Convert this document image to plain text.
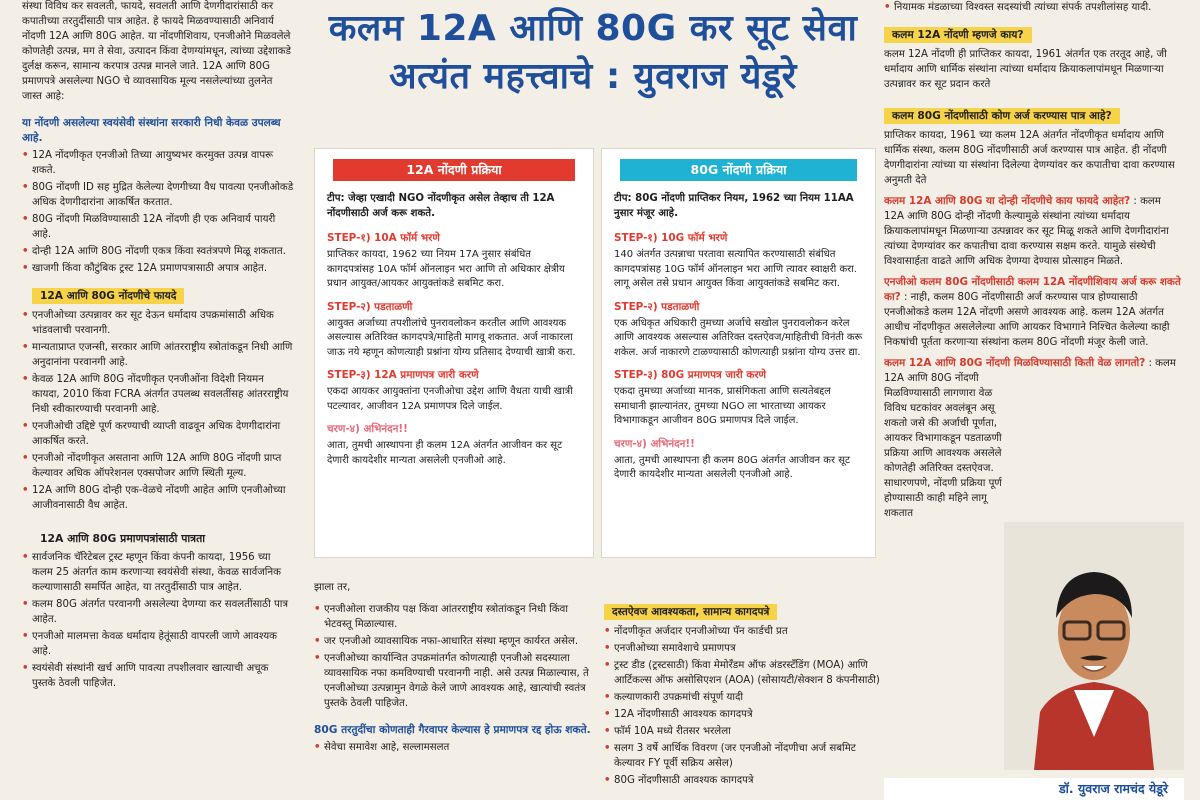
संस्था विविध कर सवलती, फायदे, सवलती आणि देणगीदारांसाठी कर कपातीच्या तरतुदींसाठी पात्र आहेत. हे फायदे मिळवण्यासाठी अनिवार्य नोंदणी 12A आणि 80G आहेत. या नोंदणीशिवाय, एनजीओने मिळवलेले कोणतेही उत्पन्न, मग ते सेवा, उत्पादन किंवा देणग्यांमधून, त्यांच्या उद्देशाकडे दुर्लक्ष करून, सामान्य करपात्र उत्पन्न मानले जाते. 12A आणि 80G प्रमाणपत्रे असलेल्या NGO चे व्यावसायिक मूल्य नसलेल्यांच्या तुलनेत जास्त आहे:

या नोंदणी असलेल्या स्वयंसेवी संस्थांना सरकारी निधी केवळ उपलब्ध आहे.

• 12A नोंदणीकृत एनजीओ तिच्या आयुष्यभर करमुक्त उत्पन्न वापरू शकते.
• 80G नोंदणी ID सह मुद्रित केलेल्या देणगीच्या वैध पावत्या एनजीओकडे अधिक देणगीदारांना आकर्षित करतात.
• 80G नोंदणी मिळविण्यासाठी 12A नोंदणी ही एक अनिवार्य पायरी आहे.
• दोन्ही 12A आणि 80G नोंदणी एकत्र किंवा स्वतंत्रपणे मिळू शकतात.
• खाजगी किंवा कौटुंबिक ट्रस्ट 12A प्रमाणपत्रासाठी अपात्र आहेत.
12A आणि 80G नोंदणीचे फायदे
• एनजीओच्या उत्पन्नावर कर सूट देऊन धर्मादाय उपक्रमांसाठी अधिक भांडवलाची परवानगी.
• मान्यताप्राप्त एजन्सी, सरकार आणि आंतरराष्ट्रीय स्त्रोतांकडून निधी आणि अनुदानांना परवानगी आहे.
• केवळ 12A आणि 80G नोंदणीकृत एनजीओंना विदेशी नियमन कायदा, 2010 किंवा FCRA अंतर्गत उपलब्ध सवलतींसह आंतरराष्ट्रीय निधी स्वीकारण्याची परवानगी आहे.
• एनजीओची उद्दिष्टे पूर्ण करण्याची व्याप्ती वाढवून अधिक देणगीदारांना आकर्षित करते.
• एनजीओ नोंदणीकृत असताना आणि 12A आणि 80G नोंदणी प्राप्त केल्यावर अधिक ऑपरेशनल एक्सपोजर आणि स्थिती मूल्य.
• 12A आणि 80G दोन्ही एक-वेळचे नोंदणी आहेत आणि एनजीओच्या आजीवनासाठी वैध आहेत.
12A आणि 80G प्रमाणपत्रांसाठी पात्रता
• सार्वजनिक चॅरिटेबल ट्रस्ट म्हणून किंवा कंपनी कायदा, 1956 च्या कलम 25 अंतर्गत काम करणाऱ्या स्वयंसेवी संस्था, केवळ सार्वजनिक कल्याणासाठी समर्पित आहेत, या तरतुदींसाठी पात्र आहेत.
• कलम 80G अंतर्गत परवानगी असलेल्या देणग्या कर सवलतींसाठी पात्र आहेत.
• एनजीओ मालमत्ता केवळ धर्मादाय हेतूंसाठी वापरली जाणे आवश्यक आहे.
• स्वयंसेवी संस्थांनी खर्च आणि पावत्या तपशीलवार खात्याची अचूक पुस्तके ठेवली पाहिजेत.
कलम 12A आणि 80G कर सूट सेवा
अत्यंत महत्त्वाचे : युवराज येडूरे
12A नोंदणी प्रक्रिया

टीप: जेव्हा एखादी NGO नोंदणीकृत असेल तेव्हाच ती 12A नोंदणीसाठी अर्ज करू शकते.

STEP-१) 10A फॉर्म भरणे

प्राप्तिकर कायदा, 1962 च्या नियम 17A नुसार संबंधित कागदपत्रांसह 10A फॉर्म ऑनलाइन भरा आणि तो अधिकार क्षेत्रीय प्रधान आयुक्त/आयकर आयुक्तांकडे सबमिट करा.

STEP-२) पडताळणी

आयुक्त अर्जाच्या तपशीलांचे पुनरावलोकन करतील आणि आवश्यक असल्यास अतिरिक्त कागदपत्रे/माहिती मागवू शकतात. अर्ज नाकारला जाऊ नये म्हणून कोणत्याही प्रश्नांना योग्य प्रतिसाद देण्याची खात्री करा.

STEP-३) 12A प्रमाणपत्र जारी करणे

एकदा आयकर आयुक्तांना एनजीओचा उद्देश आणि वैधता याची खात्री पटल्यावर, आजीवन 12A प्रमाणपत्र दिले जाईल.

चरण-४) अभिनंदन!!

आता, तुमची आस्थापना ही कलम 12A अंतर्गत आजीवन कर सूट देणारी कायदेशीर मान्यता असलेली एनजीओ आहे.

80G नोंदणी प्रक्रिया

टीप: 80G नोंदणी प्राप्तिकर नियम, 1962 च्या नियम 11AA नुसार मंजूर आहे.

STEP-१) 10G फॉर्म भरणे

140 अंतर्गत उत्पन्नाचा परतावा सत्यापित करण्यासाठी संबंधित कागदपत्रांसह 10G फॉर्म ऑनलाइन भरा आणि त्यावर स्वाक्षरी करा. लागू असेल तसे प्रधान आयुक्त किंवा आयुक्तांकडे सबमिट करा.

STEP-२) पडताळणी

एक अधिकृत अधिकारी तुमच्या अर्जाचे सखोल पुनरावलोकन करेल आणि आवश्यक असल्यास अतिरिक्त दस्तऐवज/माहितीची विनंती करू शकेल. अर्ज नाकारणे टाळण्यासाठी कोणत्याही प्रश्नांना योग्य उत्तर द्या.

STEP-३) 80G प्रमाणपत्र जारी करणे

एकदा तुमच्या अर्जाच्या मानक, प्रासंगिकता आणि सत्यतेबद्दल समाधानी झाल्यानंतर, तुमच्या NGO ला भारताच्या आयकर विभागाकडून आजीवन 80G प्रमाणपत्र दिले जाईल.

चरण-४) अभिनंदन!!

आता, तुमची आस्थापना ही कलम 80G अंतर्गत आजीवन कर सूट देणारी कायदेशीर मान्यता असलेली एनजीओ आहे.

झाला तर,

• एनजीओला राजकीय पक्ष किंवा आंतरराष्ट्रीय स्त्रोतांकडून निधी किंवा भेटवस्तू मिळाल्यास.
• जर एनजीओ व्यावसायिक नफा-आधारित संस्था म्हणून कार्यरत असेल.
• एनजीओच्या कार्यान्वित उपक्रमांतर्गत कोणत्याही एनजीओ सदस्याला व्यावसायिक नफा कमविण्याची परवानगी नाही. असे उत्पन्न मिळाल्यास, ते एनजीओच्या उत्पन्नामुन वेगळे केले जाणे आवश्यक आहे, खात्यांची स्वतंत्र पुस्तके ठेवली पाहिजेत.

80G तरतुदींचा कोणताही गैरवापर केल्यास हे प्रमाणपत्र रद्द होऊ शकते.

• सेवेचा समावेश आहे, सल्लामसलत
दस्तऐवज आवश्यकता, सामान्य कागदपत्रे
• नोंदणीकृत अर्जदार एनजीओच्या पॅन कार्डची प्रत
• एनजीओच्या समावेशाचे प्रमाणपत्र
• ट्रस्ट डीड (ट्रस्टसाठी) किंवा मेमोरँडम ऑफ अंडरस्टँडिंग (MOA) आणि आर्टिकल्स ऑफ असोसिएशन (AOA) (सोसायटी/सेक्शन 8 कंपनीसाठी)
• कल्याणकारी उपक्रमांची संपूर्ण यादी
• 12A नोंदणीसाठी आवश्यक कागदपत्रे
• फॉर्म 10A मध्ये रीतसर भरलेला
• सलग 3 वर्षे आर्थिक विवरण (जर एनजीओ नोंदणीचा अर्ज सबमिट केल्यावर FY पूर्वी सक्रिय असेल)
• 80G नोंदणीसाठी आवश्यक कागदपत्रे
• नियामक मंडळाच्या विश्वस्त सदस्यांची त्यांच्या संपर्क तपशीलांसह यादी.
कलम 12A नोंदणी म्हणजे काय?

कलम 12A नोंदणी ही प्राप्तिकर कायदा, 1961 अंतर्गत एक तरतूद आहे, जी धर्मादाय आणि धार्मिक संस्थांना त्यांच्या धर्मादाय क्रियाकलापांमधून मिळणाऱ्या उत्पन्नावर कर सूट प्रदान करते

कलम 80G नोंदणीसाठी कोण अर्ज करण्यास पात्र आहे?

प्राप्तिकर कायदा, 1961 च्या कलम 12A अंतर्गत नोंदणीकृत धर्मादाय आणि धार्मिक संस्था, कलम 80G नोंदणीसाठी अर्ज करण्यास पात्र आहेत. ही नोंदणी देणगीदारांना त्यांच्या या संस्थांना दिलेल्या देणग्यांवर कर कपातीचा दावा करण्यास अनुमती देते

कलम 12A आणि 80G या दोन्ही नोंदणीचे काय फायदे आहेत? : कलम 12A आणि 80G दोन्ही नोंदणी केल्यामुळे संस्थांना त्यांच्या धर्मादाय क्रियाकलापांमधून मिळणाऱ्या उत्पन्नावर कर सूट मिळू शकते आणि देणगीदारांना त्यांच्या देणग्यांवर कर कपातीचा दावा करण्यास सक्षम करते. यामुळे संस्थेची विश्वासार्हता वाढते आणि अधिक देणग्या देण्यास प्रोत्साहन मिळते.

एनजीओ कलम 80G नोंदणीसाठी कलम 12A नोंदणीशिवाय अर्ज करू शकते का? : नाही, कलम 80G नोंदणीसाठी अर्ज करण्यास पात्र होण्यासाठी एनजीओकडे कलम 12A नोंदणी असणे आवश्यक आहे. कलम 12A अंतर्गत आधीच नोंदणीकृत असलेलेल्या आणि आयकर विभागाने निश्चित केलेल्या काही निकषांची पूर्तता करणाऱ्या संस्थांना कलम 80G नोंदणी मंजूर केली जाते.

कलम 12A आणि 80G नोंदणी मिळविण्यासाठी किती वेळ लागतो? : कलम 12A आणि 80G नोंदणी

मिळविण्यासाठी लागणारा वेळ विविध घटकांवर अवलंबून असू शकतो जसे की अर्जाची पूर्णता, आयकर विभागाकडून पडताळणी प्रक्रिया आणि आवश्यक असलेले कोणतेही अतिरिक्त दस्तऐवज. साधारणपणे, नोंदणी प्रक्रिया पूर्ण होण्यासाठी काही महिने लागू शकतात

डॉ. युवराज रामचंद येडूरे
